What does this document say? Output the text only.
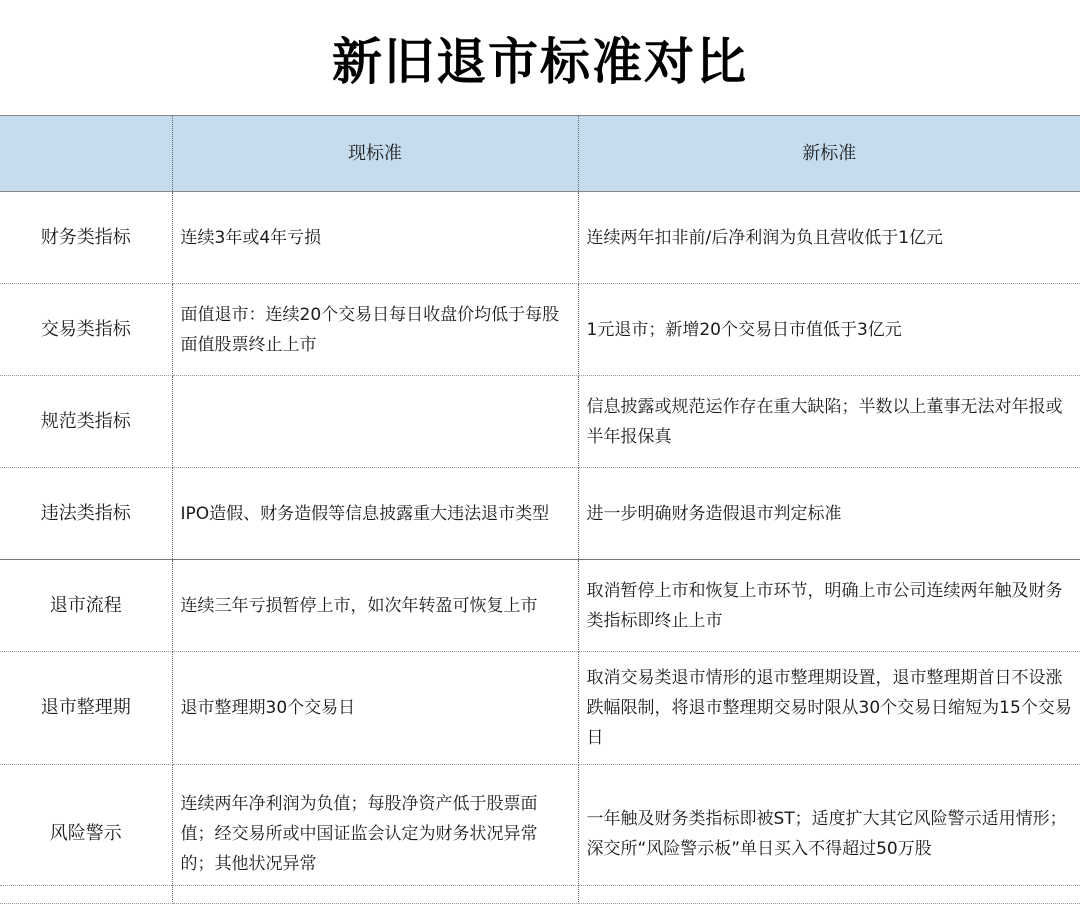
新旧退市标准对比
	现标准	新标准
财务类指标	连续3年或4年亏损	连续两年扣非前/后净利润为负且营收低于1亿元
交易类指标	面值退市：连续20个交易日每日收盘价均低于每股面值股票终止上市	1元退市；新增20个交易日市值低于3亿元
规范类指标		信息披露或规范运作存在重大缺陷；半数以上董事无法对年报或半年报保真
违法类指标	IPO造假、财务造假等信息披露重大违法退市类型	进一步明确财务造假退市判定标准
退市流程	连续三年亏损暂停上市，如次年转盈可恢复上市	取消暂停上市和恢复上市环节，明确上市公司连续两年触及财务类指标即终止上市
退市整理期	退市整理期30个交易日	取消交易类退市情形的退市整理期设置，退市整理期首日不设涨跌幅限制，将退市整理期交易时限从30个交易日缩短为15个交易日
风险警示	连续两年净利润为负值；每股净资产低于股票面值；经交易所或中国证监会认定为财务状况异常的；其他状况异常	一年触及财务类指标即被ST；适度扩大其它风险警示适用情形；深交所“风险警示板”单日买入不得超过50万股
